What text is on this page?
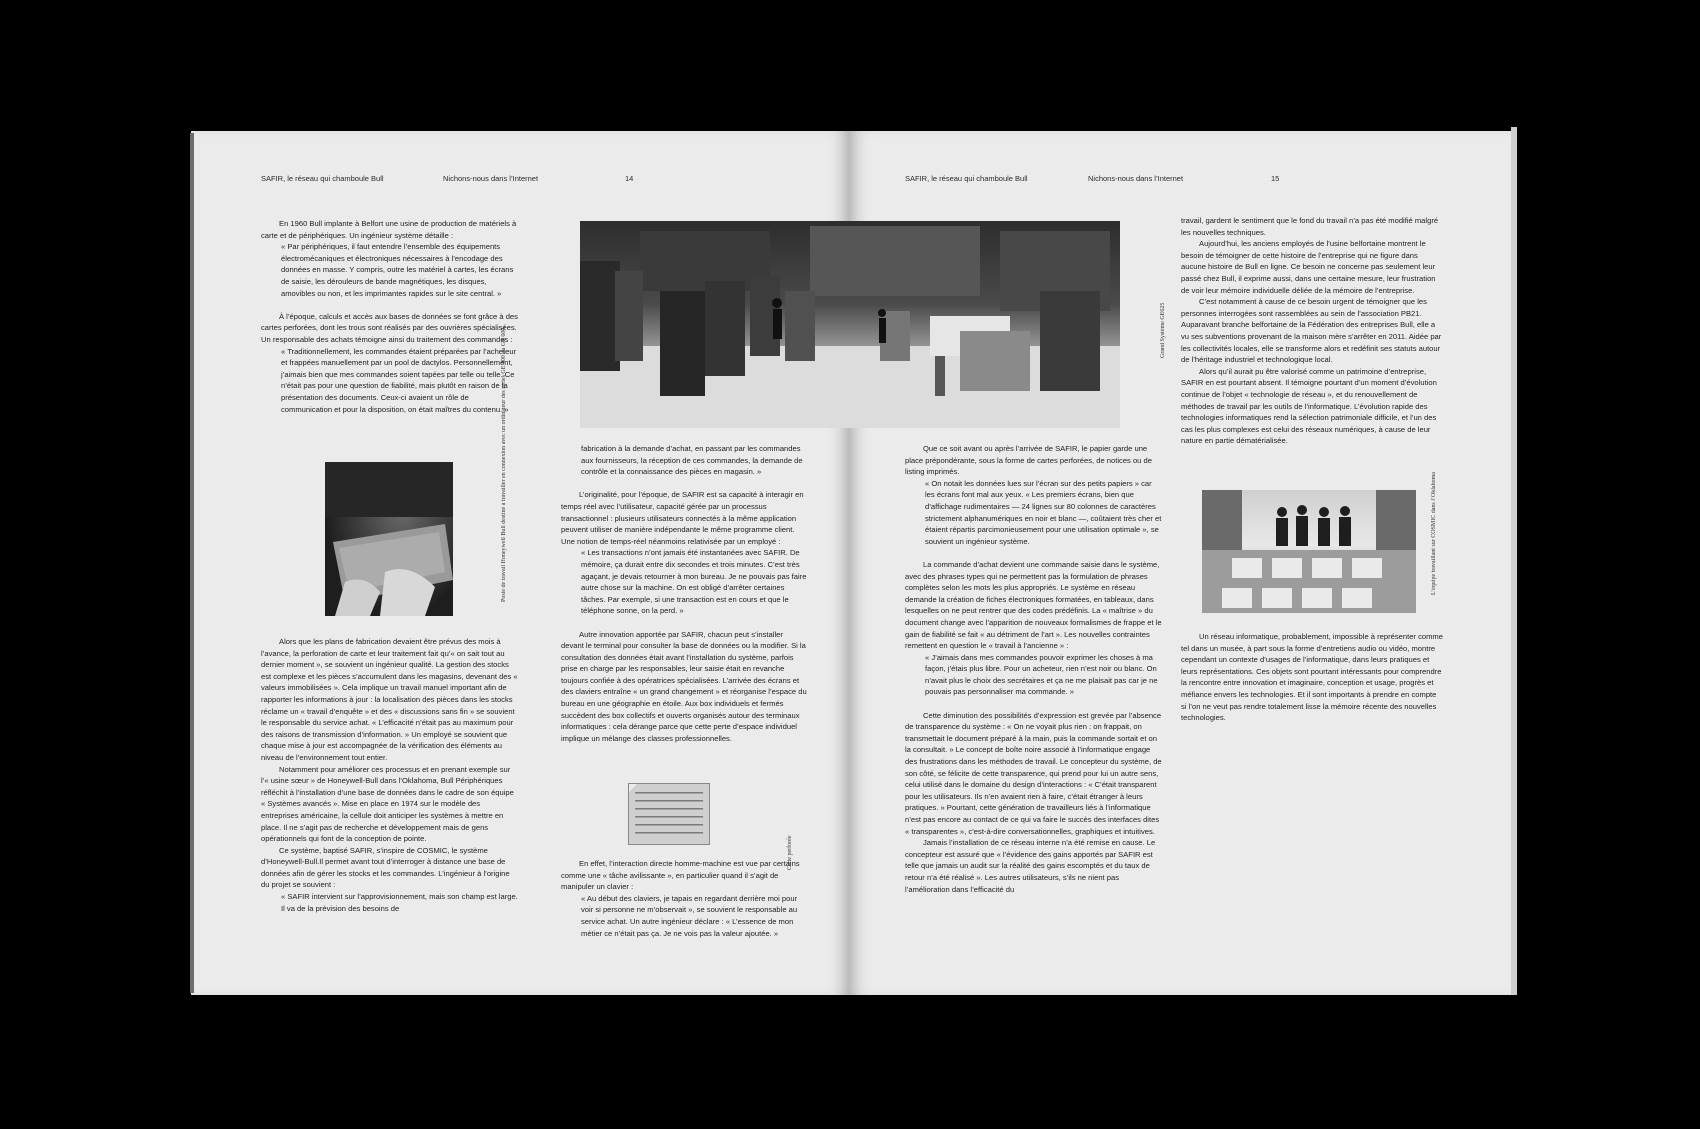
SAFIR, le réseau qui chamboule Bull	Nichons-nous dans l’Internet	14	SAFIR, le réseau qui chamboule Bull	Nichons-nous dans l’Internet	15

En 1960 Bull implante à Belfort une usine de production de matériels à carte et de périphériques. Un ingénieur système détaille :

« Par périphériques, il faut entendre l’ensemble des équipements électromécaniques et électroniques nécessaires à l’encodage des données en masse. Y compris, outre les matériel à cartes, les écrans de saisie, les dérouleurs de bande magnétiques, les disques, amovibles ou non, et les imprimantes rapides sur le site central. »

À l’époque, calculs et accès aux bases de données se font grâce à des cartes perforées, dont les trous sont réalisés par des ouvrières spécialisées. Un responsable des achats témoigne ainsi du traitement des commandes :

« Traditionnellement, les commandes étaient préparées par l’acheteur et frappées manuellement par un pool de dactylos. Personnellement, j’aimais bien que mes commandes soient tapées par telle ou telle. Ce n’était pas pour une question de fiabilité, mais plutôt en raison de la présentation des documents. Ceux-ci avaient un rôle de communication et pour la disposition, on était maîtres du contenu. »

Alors que les plans de fabrication devaient être prévus des mois à l’avance, la perforation de carte et leur traitement fait qu’« on sait tout au dernier moment », se souvient un ingénieur qualité. La gestion des stocks est complexe et les pièces s’accumulent dans les magasins, devenant des « valeurs immobilisées ». Cela implique un travail manuel important afin de rapporter les informations à jour : la localisation des pièces dans les stocks réclame un « travail d’enquête » et des « discussions sans fin » se souvient le responsable du service achat. « L’efficacité n’était pas au maximum pour des raisons de transmission d’information. » Un employé se souvient que chaque mise à jour est accompagnée de la vérification des éléments au niveau de l’environnement tout entier.

Notamment pour améliorer ces processus et en prenant exemple sur l’« usine sœur » de Honeywell-Bull dans l’Oklahoma, Bull Périphériques réfléchit à l’installation d’une base de données dans le cadre de son équipe « Systèmes avancés ». Mise en place en 1974 sur le modèle des entreprises américaine, la cellule doit anticiper les systèmes à mettre en place. Il ne s’agit pas de recherche et développement mais de gens opérationnels qui font de la conception de pointe.

Ce système, baptisé SAFIR, s’inspire de COSMIC, le système d’Honeywell-Bull.Il permet avant tout d’interroger à distance une base de données afin de gérer les stocks et les commandes. L’ingénieur à l’origine du projet se souvient :

« SAFIR intervient sur l’approvisionnement, mais son champ est large. Il va de la prévision des besoins de

fabrication à la demande d’achat, en passant par les commandes aux fournisseurs, la réception de ces commandes, la demande de contrôle et la connaissance des pièces en magasin. »

L’originalité, pour l’époque, de SAFIR est sa capacité à interagir en temps réel avec l’utilisateur, capacité gérée par un processus transactionnel : plusieurs utilisateurs connectés à la même application peuvent utiliser de manière indépendante le même programme client. Une notion de temps-réel néanmoins relativisée par un employé :

« Les transactions n’ont jamais été instantanées avec SAFIR. De mémoire, ça durait entre dix secondes et trois minutes. C’est très agaçant, je devais retourner à mon bureau. Je ne pouvais pas faire autre chose sur la machine. On est obligé d’arrêter certaines tâches. Par exemple, si une transaction est en cours et que le téléphone sonne, on la perd. »

Autre innovation apportée par SAFIR, chacun peut s’installer devant le terminal pour consulter la base de données ou la modifier. Si la consultation des données était avant l’installation du système, parfois prise en charge par les responsables, leur saisie était en revanche toujours confiée à des opératrices spécialisées. L’arrivée des écrans et des claviers entraîne « un grand changement » et réorganise l’espace du bureau en une géographie en étoile. Aux box individuels et fermés succèdent des box collectifs et ouverts organisés autour des terminaux informatiques : cela dérange parce que cette perte d’espace individuel implique un mélange des classes professionnelles.

En effet, l’interaction directe homme-machine est vue par certains comme une « tâche avilissante », en particulier quand il s’agit de manipuler un clavier :

« Au début des claviers, je tapais en regardant derrière moi pour voir si personne ne m’observait », se souvient le responsable au service achat. Un autre ingénieur déclare : « L’essence de mon métier ce n’était pas ça. Je ne vois pas la valeur ajoutée. »

Que ce soit avant ou après l’arrivée de SAFIR, le papier garde une place prépondérante, sous la forme de cartes perforées, de notices ou de listing imprimés.

« On notait les données lues sur l’écran sur des petits papiers » car les écrans font mal aux yeux. « Les premiers écrans, bien que d’affichage rudimentaires — 24 lignes sur 80 colonnes de caractères strictement alphanumériques en noir et blanc —, coûtaient très cher et étaient répartis parcimonieusement pour une utilisation optimale », se souvient un ingénieur système.

La commande d’achat devient une commande saisie dans le système, avec des phrases types qui ne permettent pas la formulation de phrases complètes selon les mots les plus appropriés. Le système en réseau demande la création de fiches électroniques formatées, en tableaux, dans lesquelles on ne peut rentrer que des codes prédéfinis. La « maîtrise » du document change avec l’apparition de nouveaux formalismes de frappe et le gain de fiabilité se fait « au détriment de l’art ». Les nouvelles contraintes remettent en question le « travail à l’ancienne » :

« J’aimais dans mes commandes pouvoir exprimer les choses à ma façon, j’étais plus libre. Pour un acheteur, rien n’est noir ou blanc. On n’avait plus le choix des secrétaires et ça ne me plaisait pas car je ne pouvais pas personnaliser ma commande. »

Cette diminution des possibilités d’expression est grevée par l’absence de transparence du système : « On ne voyait plus rien : on frappait, on transmettait le document préparé à la main, puis la commande sortait et on la consultait. » Le concept de boîte noire associé à l’informatique engage des frustrations dans les méthodes de travail. Le concepteur du système, de son côté, se félicite de cette transparence, qui prend pour lui un autre sens, celui utilisé dans le domaine du design d’interactions : « C’était transparent pour les utilisateurs. Ils n’en avaient rien à faire, c’était étranger à leurs pratiques. » Pourtant, cette génération de travailleurs liés à l’informatique n’est pas encore au contact de ce qui va faire le succès des interfaces dites « transparentes », c’est-à-dire conversationnelles, graphiques et intuitives.

Jamais l’installation de ce réseau interne n’a été remise en cause. Le concepteur est assuré que « l’évidence des gains apportés par SAFIR est telle que jamais un audit sur la réalité des gains escomptés et du taux de retour n’a été réalisé ». Les autres utilisateurs, s’ils ne nient pas l’amélioration dans l’efficacité du

travail, gardent le sentiment que le fond du travail n’a pas été modifié malgré les nouvelles techniques.

Aujourd’hui, les anciens employés de l’usine belfortaine montrent le besoin de témoigner de cette histoire de l’entreprise qui ne figure dans aucune histoire de Bull en ligne. Ce besoin ne concerne pas seulement leur passé chez Bull, il exprime aussi, dans une certaine mesure, leur frustration de voir leur mémoire individuelle déliée de la mémoire de l’entreprise.

C’est notamment à cause de ce besoin urgent de témoigner que les personnes interrogées sont rassemblées au sein de l’association PB21. Auparavant branche belfortaine de la Fédération des entreprises Bull, elle a vu ses subventions provenant de la maison mère s’arrêter en 2011. Aidée par les collectivités locales, elle se transforme alors et redéfinit ses statuts autour de l’héritage industriel et technologique local.

Alors qu’il aurait pu être valorisé comme un patrimoine d’entreprise, SAFIR en est pourtant absent. Il témoigne pourtant d’un moment d’évolution continue de l’objet « technologie de réseau », et du renouvellement de méthodes de travail par les outils de l’informatique. L’évolution rapide des technologies informatiques rend la sélection patrimoniale difficile, et l’un des cas les plus complexes est celui des réseaux numériques, à cause de leur nature en partie dématérialisée.

Un réseau informatique, probablement, impossible à représenter comme tel dans un musée, à part sous la forme d’entretiens audio ou vidéo, montre cependant un contexte d’usages de l’informatique, dans leurs pratiques et leurs représentations. Ces objets sont pourtant intéressants pour comprendre la rencontre entre innovation et imaginaire, conception et usage, progrès et méfiance envers les technologies. Et il sont importants à prendre en compte si l’on ne veut pas rendre totalement lisse la mémoire récente des nouvelles technologies.

Grand Système GE625
Poste de travail Honeywell Bull destiné à travailler en connexion avec un ordinateur des séries GE 400 ou GE 600.
Carte perforée
L’équipe travaillant sur COSMIC dans l’Oklahoma
